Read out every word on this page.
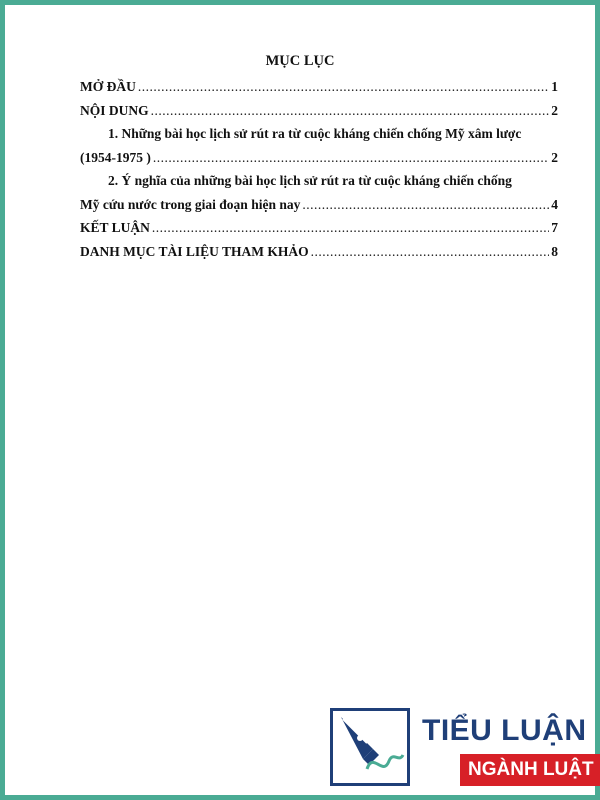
MỤC LỤC
MỞ ĐẦU .....	1
NỘI DUNG .....	2
1. Những bài học lịch sử rút ra từ cuộc kháng chiến chống Mỹ xâm lược
(1954-1975 ) .....	2
2. Ý nghĩa của những bài học lịch sử rút ra từ cuộc kháng chiến chống
Mỹ cứu nước trong giai đoạn hiện nay .....	4
KẾT LUẬN .....	7
DANH MỤC TÀI LIỆU THAM KHẢO .....	8
TIỂU LUẬN
NGÀNH LUẬT
